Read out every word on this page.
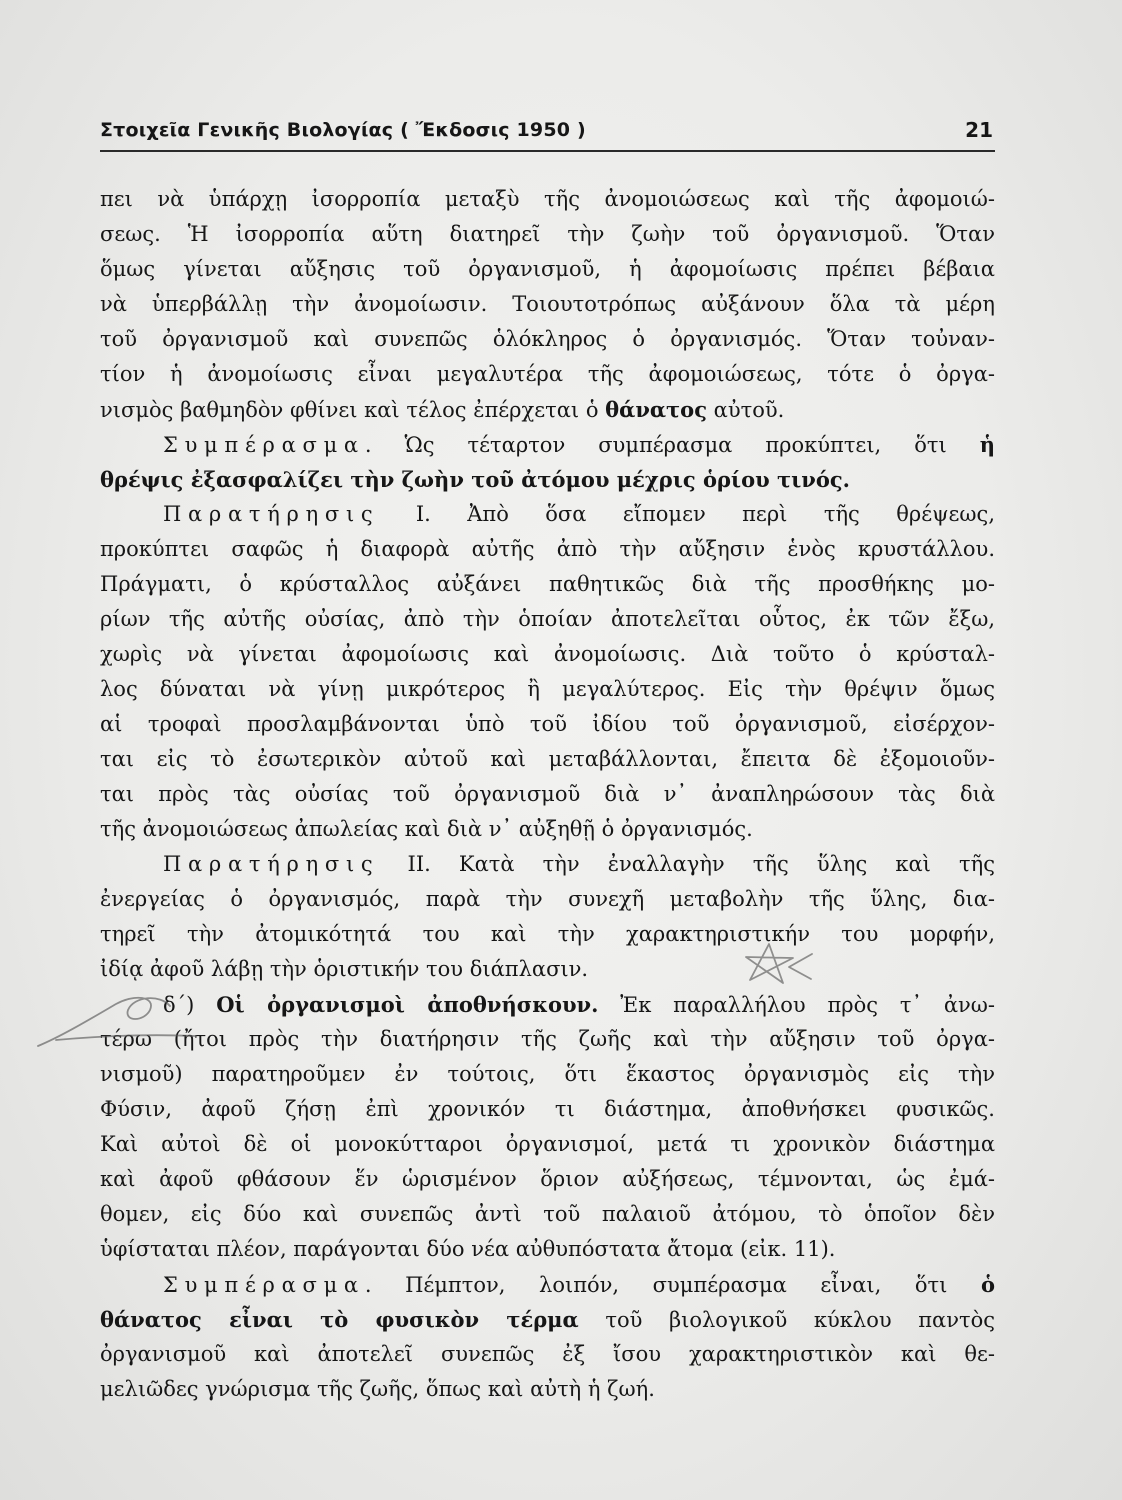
Στοιχεῖα Γενικῆς Βιολογίας ( Ἔκδοσις 1950 )	21
πει νὰ ὑπάρχῃ ἰσορροπία μεταξὺ τῆς ἀνομοιώσεως καὶ τῆς ἀφομοιώ-
σεως. Ἡ ἰσορροπία αὕτη διατηρεῖ τὴν ζωὴν τοῦ ὀργανισμοῦ. Ὅταν
ὅμως γίνεται αὔξησις τοῦ ὀργανισμοῦ, ἡ ἀφομοίωσις πρέπει βέβαια
νὰ ὑπερβάλλῃ τὴν ἀνομοίωσιν. Τοιουτοτρόπως αὐξάνουν ὅλα τὰ μέρη
τοῦ ὀργανισμοῦ καὶ συνεπῶς ὁλόκληρος ὁ ὀργανισμός. Ὅταν τοὐναν-
τίον ἡ ἀνομοίωσις εἶναι μεγαλυτέρα τῆς ἀφομοιώσεως, τότε ὁ ὀργα-
νισμὸς βαθμηδὸν φθίνει καὶ τέλος ἐπέρχεται ὁ θάνατος αὐτοῦ.
Συμπέρασμα. Ὡς τέταρτον συμπέρασμα προκύπτει, ὅτι ἡ
θρέψις ἐξασφαλίζει τὴν ζωὴν τοῦ ἀτόμου μέχρις ὁρίου τινός.
Παρατήρησις Ι. Ἀπὸ ὅσα εἴπομεν περὶ τῆς θρέψεως,
προκύπτει σαφῶς ἡ διαφορὰ αὐτῆς ἀπὸ τὴν αὔξησιν ἑνὸς κρυστάλλου.
Πράγματι, ὁ κρύσταλλος αὐξάνει παθητικῶς διὰ τῆς προσθήκης μο-
ρίων τῆς αὐτῆς οὐσίας, ἀπὸ τὴν ὁποίαν ἀποτελεῖται οὗτος, ἐκ τῶν ἔξω,
χωρὶς νὰ γίνεται ἀφομοίωσις καὶ ἀνομοίωσις. Διὰ τοῦτο ὁ κρύσταλ-
λος δύναται νὰ γίνῃ μικρότερος ἢ μεγαλύτερος. Εἰς τὴν θρέψιν ὅμως
αἱ τροφαὶ προσλαμβάνονται ὑπὸ τοῦ ἰδίου τοῦ ὀργανισμοῦ, εἰσέρχον-
ται εἰς τὸ ἐσωτερικὸν αὐτοῦ καὶ μεταβάλλονται, ἔπειτα δὲ ἐξομοιοῦν-
ται πρὸς τὰς οὐσίας τοῦ ὀργανισμοῦ διὰ ν᾿ ἀναπληρώσουν τὰς διὰ
τῆς ἀνομοιώσεως ἀπωλείας καὶ διὰ ν᾿ αὐξηθῇ ὁ ὀργανισμός.
Παρατήρησις ΙΙ. Κατὰ τὴν ἐναλλαγὴν τῆς ὕλης καὶ τῆς
ἐνεργείας ὁ ὀργανισμός, παρὰ τὴν συνεχῆ μεταβολὴν τῆς ὕλης, δια-
τηρεῖ τὴν ἀτομικότητά του καὶ τὴν χαρακτηριστικήν του μορφήν,
ἰδίᾳ ἀφοῦ λάβῃ τὴν ὁριστικήν του διάπλασιν.
δ΄) Οἱ ὀργανισμοὶ ἀποθνήσκουν. Ἐκ παραλλήλου πρὸς τ᾿ ἀνω-
τέρω (ἤτοι πρὸς τὴν διατήρησιν τῆς ζωῆς καὶ τὴν αὔξησιν τοῦ ὀργα-
νισμοῦ) παρατηροῦμεν ἐν τούτοις, ὅτι ἕκαστος ὀργανισμὸς εἰς τὴν
Φύσιν, ἀφοῦ ζήσῃ ἐπὶ χρονικόν τι διάστημα, ἀποθνήσκει φυσικῶς.
Καὶ αὐτοὶ δὲ οἱ μονοκύτταροι ὀργανισμοί, μετά τι χρονικὸν διάστημα
καὶ ἀφοῦ φθάσουν ἕν ὡρισμένον ὅριον αὐξήσεως, τέμνονται, ὡς ἐμά-
θομεν, εἰς δύο καὶ συνεπῶς ἀντὶ τοῦ παλαιοῦ ἀτόμου, τὸ ὁποῖον δὲν
ὑφίσταται πλέον, παράγονται δύο νέα αὐθυπόστατα ἄτομα (εἰκ. 11).
Συμπέρασμα. Πέμπτον, λοιπόν, συμπέρασμα εἶναι, ὅτι ὁ
θάνατος εἶναι τὸ φυσικὸν τέρμα τοῦ βιολογικοῦ κύκλου παντὸς
ὀργανισμοῦ καὶ ἀποτελεῖ συνεπῶς ἐξ ἴσου χαρακτηριστικὸν καὶ θε-
μελιῶδες γνώρισμα τῆς ζωῆς, ὅπως καὶ αὐτὴ ἡ ζωή.
